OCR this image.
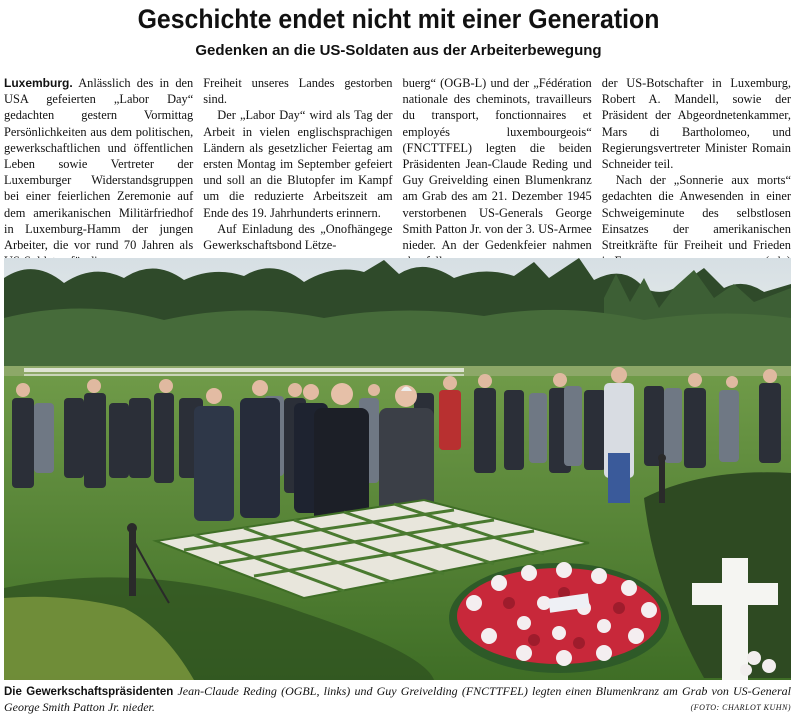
Geschichte endet nicht mit einer Generation
Gedenken an die US-Soldaten aus der Arbeiterbewegung

Luxemburg. Anlässlich des in den USA gefeierten „Labor Day“ gedachten gestern Vormittag Persönlichkeiten aus dem politischen, gewerkschaftlichen und öffentlichen Leben sowie Vertreter der Luxemburger Widerstandsgruppen bei einer feierlichen Zeremonie auf dem amerikanischen Militärfriedhof in Luxemburg-Hamm der jungen Arbeiter, die vor rund 70 Jahren als

Freiheit unseres Landes gestorben sind.

Der „Labor Day“ wird als Tag der Arbeit in vielen englischsprachigen Ländern als gesetzlicher Feiertag am ersten Montag im September gefeiert und soll an die Blutopfer im Kampf um die reduzierte Arbeitszeit am Ende des 19. Jahrhunderts erinnern.

Auf Einladung des „Onofhängege Gewerkschaftsbond Lëtze-

buerg“ (OGB-L) und der „Fédération nationale des cheminots, travailleurs du transport, fonctionnaires et employés luxembourgeois“ (FNCTTFEL) legten die beiden Präsidenten Jean-Claude Reding und Guy Greivelding einen Blumenkranz am Grab des am 21. Dezember 1945 verstorbenen US-Generals George Smith Patton Jr. von der 3. US-Armee nieder. An der Gedenkfeier nahmen

der US-Botschafter in Luxemburg, Robert A. Mandell, sowie der Präsident der Abgeordnetenkammer, Mars di Bartholomeo, und Regierungsvertreter Minister Romain Schneider teil.

Nach der „Sonnerie aux morts“ gedachten die Anwesenden in einer Schweigeminute des selbstlosen Einsatzes der amerikanischen Streitkräfte für Freiheit und Frieden

Die Gewerkschaftspräsidenten Jean-Claude Reding (OGBL, links) und Guy Greivelding (FNCTTFEL) legten einen Blumenkranz am Grab von US-General George Smith Patton Jr. nieder.	(FOTO: CHARLOT KUHN)
